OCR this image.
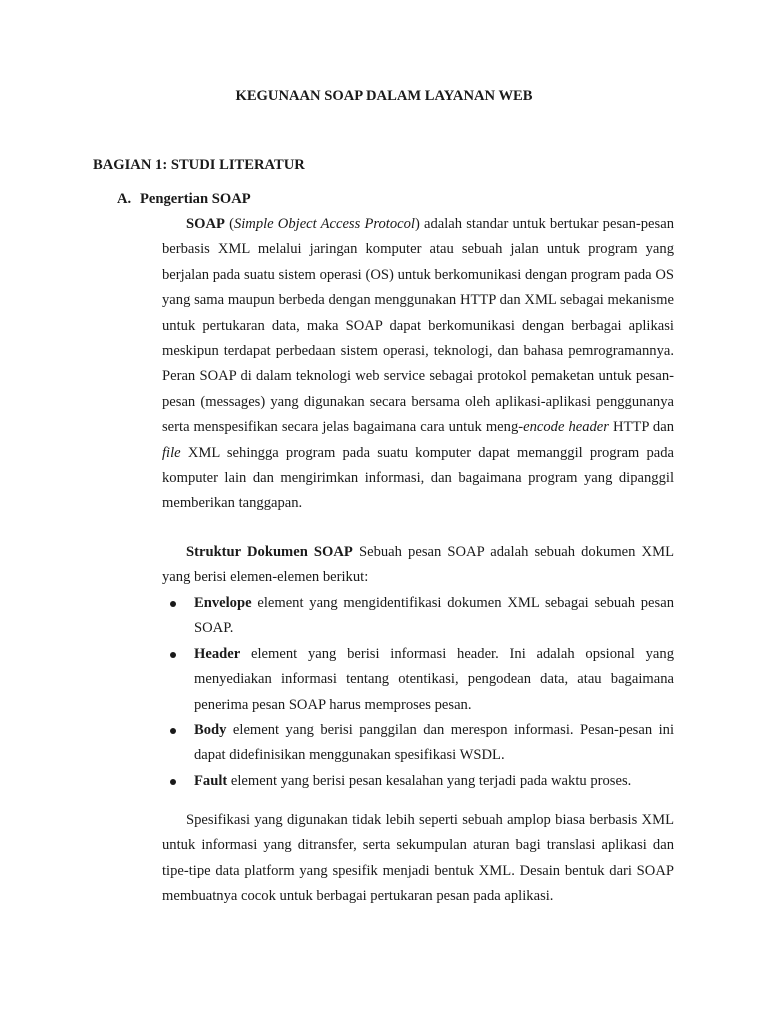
KEGUNAAN SOAP DALAM LAYANAN WEB
BAGIAN 1: STUDI LITERATUR
A. Pengertian SOAP
SOAP (Simple Object Access Protocol) adalah standar untuk bertukar pesan-pesan berbasis XML melalui jaringan komputer atau sebuah jalan untuk program yang berjalan pada suatu sistem operasi (OS) untuk berkomunikasi dengan program pada OS yang sama maupun berbeda dengan menggunakan HTTP dan XML sebagai mekanisme untuk pertukaran data, maka SOAP dapat berkomunikasi dengan berbagai aplikasi meskipun terdapat perbedaan sistem operasi, teknologi, dan bahasa pemrogramannya. Peran SOAP di dalam teknologi web service sebagai protokol pemaketan untuk pesan-pesan (messages) yang digunakan secara bersama oleh aplikasi-aplikasi penggunanya serta menspesifikan secara jelas bagaimana cara untuk meng-encode header HTTP dan file XML sehingga program pada suatu komputer dapat memanggil program pada komputer lain dan mengirimkan informasi, dan bagaimana program yang dipanggil memberikan tanggapan.
Struktur Dokumen SOAP Sebuah pesan SOAP adalah sebuah dokumen XML yang berisi elemen-elemen berikut:
Envelope element yang mengidentifikasi dokumen XML sebagai sebuah pesan SOAP.
Header element yang berisi informasi header. Ini adalah opsional yang menyediakan informasi tentang otentikasi, pengodean data, atau bagaimana penerima pesan SOAP harus memproses pesan.
Body element yang berisi panggilan dan merespon informasi. Pesan-pesan ini dapat didefinisikan menggunakan spesifikasi WSDL.
Fault element yang berisi pesan kesalahan yang terjadi pada waktu proses.
Spesifikasi yang digunakan tidak lebih seperti sebuah amplop biasa berbasis XML untuk informasi yang ditransfer, serta sekumpulan aturan bagi translasi aplikasi dan tipe-tipe data platform yang spesifik menjadi bentuk XML. Desain bentuk dari SOAP membuatnya cocok untuk berbagai pertukaran pesan pada aplikasi.
